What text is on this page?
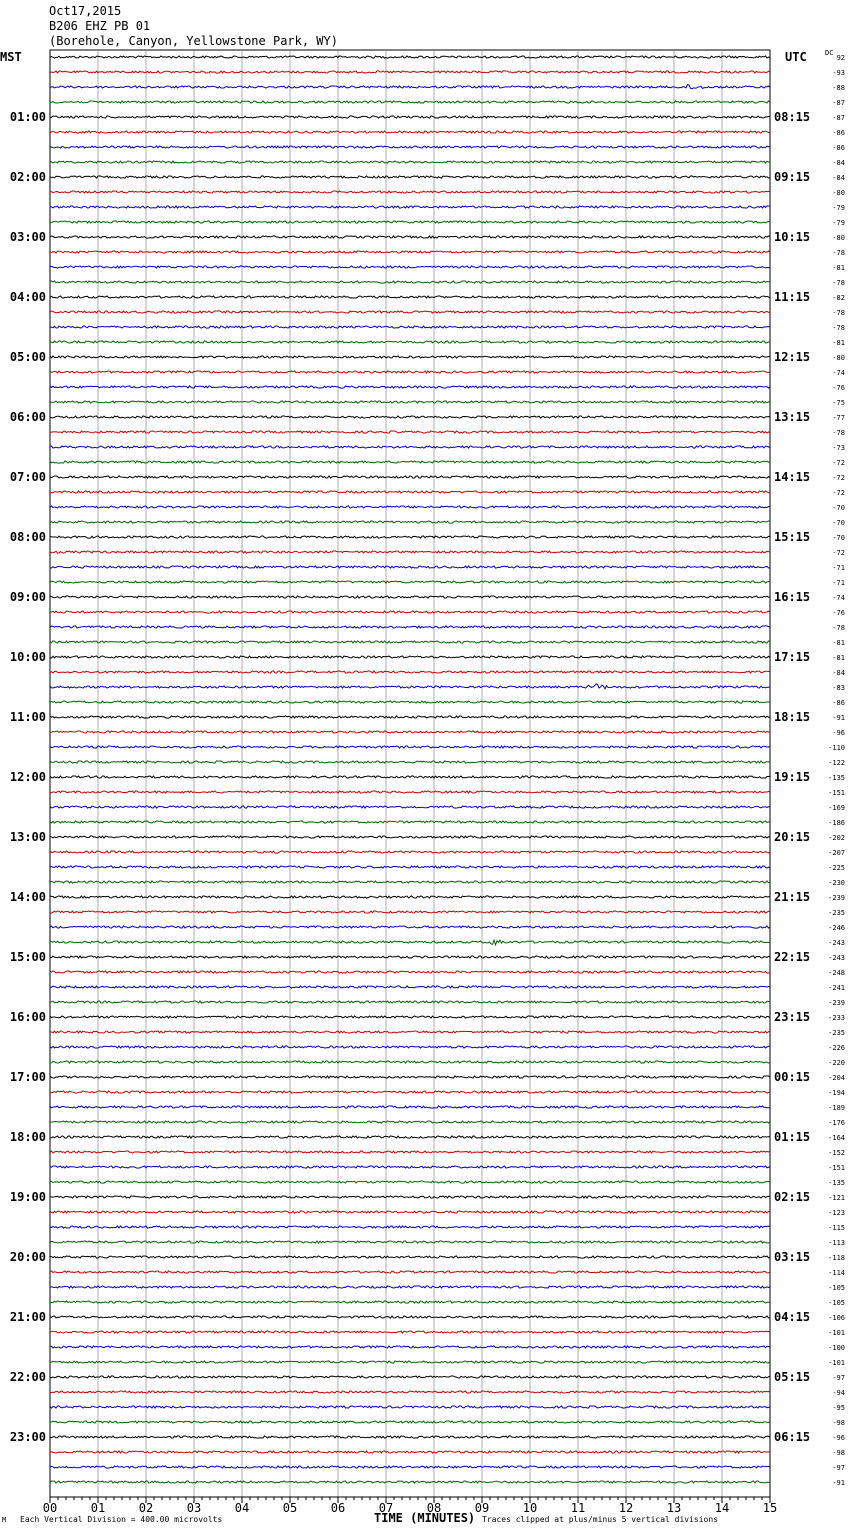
Oct17,2015
B206 EHZ PB 01
(Borehole, Canyon, Yellowstone Park, WY)
MST	UTC	DC
01:00
02:00
03:00
04:00
05:00
06:00
07:00
08:00
09:00
10:00
11:00
12:00
13:00
14:00
15:00
16:00
17:00
18:00
19:00
20:00
21:00
22:00
23:00
08:15
09:15
10:15
11:15
12:15
13:15
14:15
15:15
16:15
17:15
18:15
19:15
20:15
21:15
22:15
23:15
00:15
01:15
02:15
03:15
04:15
05:15
06:15
92
-93
-88
-87
-87
-86
-86
-84
-84
-80
-79
-79
-80
-78
-81
-78
-82
-78
-78
-81
-80
-74
-76
-75
-77
-78
-73
-72
-72
-72
-70
-70
-70
-72
-71
-71
-74
-76
-78
-81
-81
-84
-83
-86
-91
-96
-110
-122
-135
-151
-169
-186
-202
-207
-225
-230
-239
-235
-246
-243
-243
-248
-241
-239
-233
-235
-226
-220
-204
-194
-189
-176
-164
-152
-151
-135
-121
-123
-115
-113
-118
-114
-105
-105
-106
-101
-100
-101
-97
-94
-95
-98
-96
-98
-97
-91
00	01	02	03	04	05	06	07	08	09	10	11	12	13	14	15
M Each Vertical Division = 400.00 microvolts	TIME (MINUTES) Traces clipped at plus/minus 5 vertical divisions
